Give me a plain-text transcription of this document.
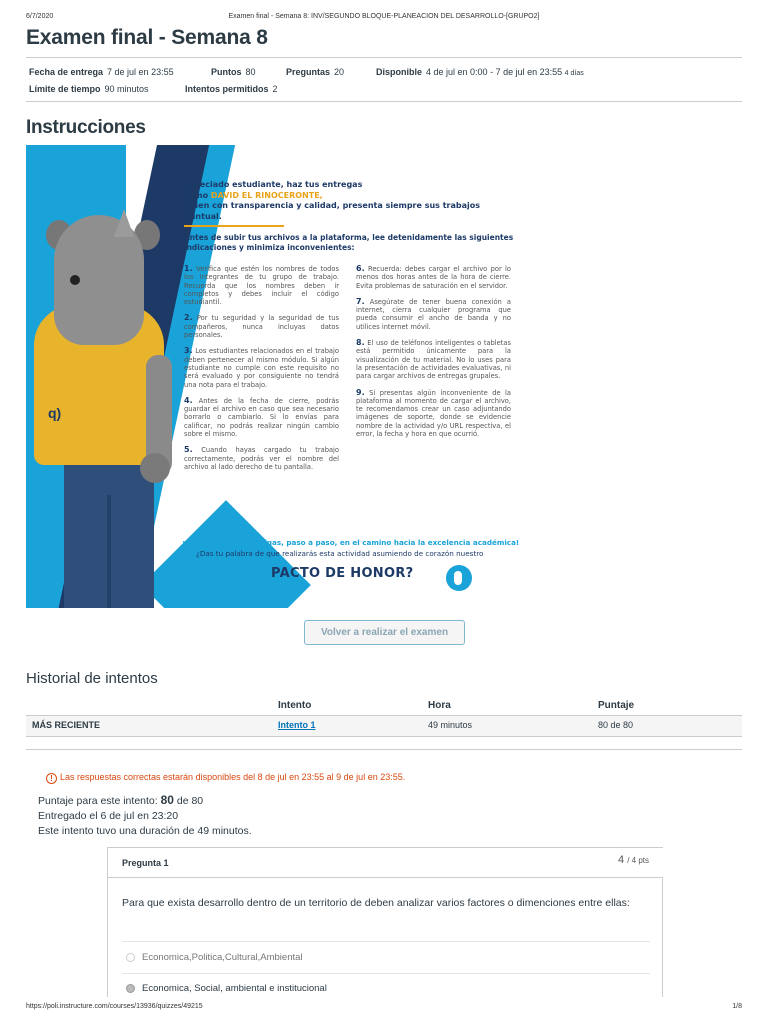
6/7/2020	Examen final - Semana 8: INV/SEGUNDO BLOQUE-PLANEACION DEL DESARROLLO-[GRUPO2]
Examen final - Semana 8
Fecha de entrega 7 de jul en 23:55	Puntos 80	Preguntas 20	Disponible 4 de jul en 0:00 - 7 de jul en 23:55 4 días
Límite de tiempo 90 minutos	Intentos permitidos 2
Instrucciones
q)
Apreciado estudiante, haz tus entregas
como DAVID EL RINOCERONTE,
quien con transparencia y calidad, presenta siempre sus trabajos puntual.
Antes de subir tus archivos a la plataforma, lee detenidamente las siguientes indicaciones y minimiza inconvenientes:
1. Verifica que estén los nombres de todos los integrantes de tu grupo de trabajo. Recuerda que los nombres deben ir completos y debes incluir el código estudiantil.
2. Por tu seguridad y la seguridad de tus compañeros, nunca incluyas datos personales.
3. Los estudiantes relacionados en el trabajo deben pertenecer al mismo módulo. Si algún estudiante no cumple con este requisito no será evaluado y por consiguiente no tendrá una nota para el trabajo.
4. Antes de la fecha de cierre, podrás guardar el archivo en caso que sea necesario borrarlo o cambiarlo. Si lo envías para calificar, no podrás realizar ningún cambio sobre el mismo.
5. Cuando hayas cargado tu trabajo correctamente, podrás ver el nombre del archivo al lado derecho de tu pantalla.
6. Recuerda: debes cargar el archivo por lo menos dos horas antes de la hora de cierre. Evita problemas de saturación en el servidor.
7. Asegúrate de tener buena conexión a internet, cierra cualquier programa que pueda consumir el ancho de banda y no utilices internet móvil.
8. El uso de teléfonos inteligentes o tabletas está permitido únicamente para la visualización de tu material. No lo uses para la presentación de actividades evaluativas, ni para cargar archivos de entregas grupales.
9. Si presentas algún inconveniente de la plataforma al momento de cargar el archivo, te recomendamos crear un caso adjuntando imágenes de soporte, donde se evidencie nombre de la actividad y/o URL respectiva, el error, la fecha y hora en que ocurrió.
¡Confiamos en que sigas, paso a paso, en el camino hacia la excelencia académica!
¿Das tu palabra de que realizarás esta actividad asumiendo de corazón nuestro
PACTO DE HONOR?
Volver a realizar el examen
Historial de intentos
Intento	Hora	Puntaje
MÁS RECIENTE	Intento 1	49 minutos	80 de 80
! Las respuestas correctas estarán disponibles del 8 de jul en 23:55 al 9 de jul en 23:55.
Puntaje para este intento: 80 de 80
Entregado el 6 de jul en 23:20
Este intento tuvo una duración de 49 minutos.
Pregunta 1	4 / 4 pts
Para que exista desarrollo dentro de un territorio de deben analizar varios factores o dimenciones entre ellas:
Economica,Politica,Cultural,Ambiental
Economica, Social, ambiental e institucional
https://poli.instructure.com/courses/13936/quizzes/49215	1/8
